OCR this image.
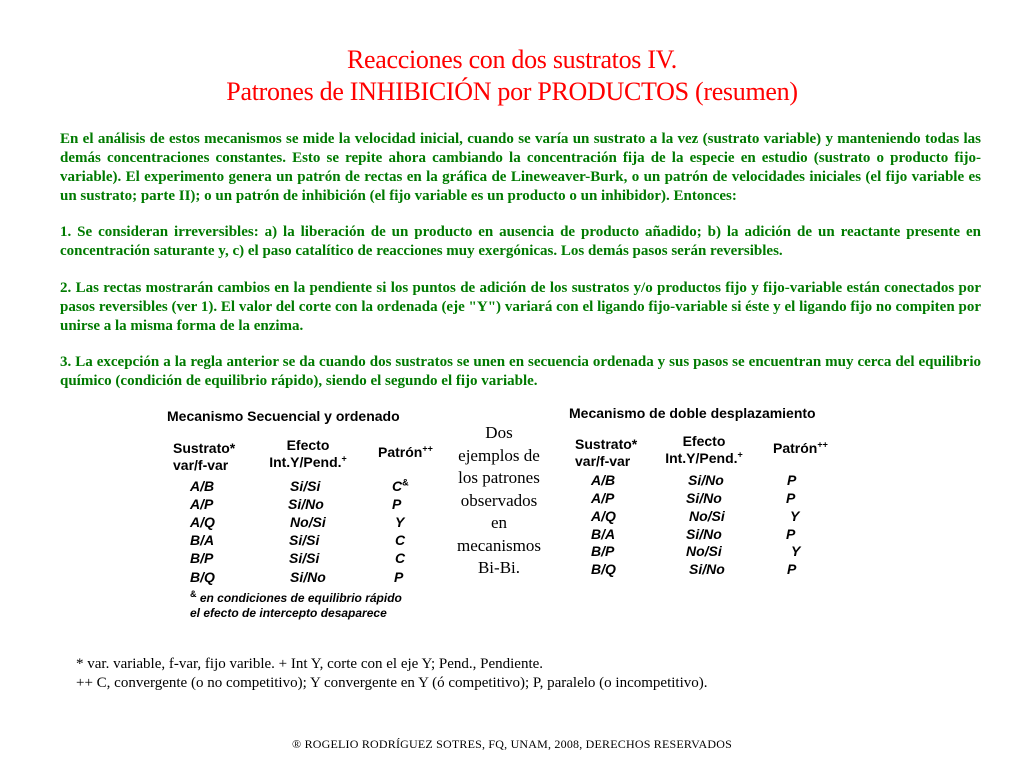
Reacciones con dos sustratos IV.
Patrones de INHIBICIÓN por PRODUCTOS (resumen)
En el análisis de estos mecanismos se mide la velocidad inicial, cuando se varía un sustrato a la vez (sustrato variable) y manteniendo todas las demás concentraciones constantes. Esto se repite ahora cambiando la concentración fija de la especie en estudio (sustrato o producto fijo-variable). El experimento genera un patrón de rectas en la gráfica de Lineweaver-Burk, o un patrón de velocidades iniciales (el fijo variable es un sustrato; parte II); o un patrón de inhibición (el fijo variable es un producto o un inhibidor). Entonces:
1. Se consideran irreversibles: a) la liberación de un producto en ausencia de producto añadido; b) la adición de un reactante presente en concentración saturante y, c) el paso catalítico de reacciones muy exergónicas. Los demás pasos serán reversibles.
2. Las rectas mostrarán cambios en la pendiente si los puntos de adición de los sustratos y/o productos fijo y fijo-variable están conectados por pasos reversibles (ver 1). El valor del corte con la ordenada (eje "Y") variará con el ligando fijo-variable si éste y el ligando fijo no compiten por unirse a la misma forma de la enzima.
3. La excepción a la regla anterior se da cuando dos sustratos se unen en secuencia ordenada y sus pasos se encuentran muy cerca del equilibrio químico (condición de equilibrio rápido), siendo el segundo el fijo variable.
Mecanismo Secuencial y ordenado
Sustrato*
var/f-var
Efecto
Int.Y/Pend.+	Patrón++
A/B	Si/Si	C&
A/P	Si/No	P
A/Q	No/Si	Y
B/A	Si/Si	C
B/P	Si/Si	C
B/Q	Si/No	P
& en condiciones de equilibrio rápido
el efecto de intercepto desaparece
Dos
ejemplos de
los patrones
observados
en
mecanismos
Bi-Bi.
Mecanismo de doble desplazamiento
Sustrato*
var/f-var
Efecto
Int.Y/Pend.+	Patrón++
A/B	Si/No	P
A/P	Si/No	P
A/Q	No/Si	Y
B/A	Si/No	P
B/P	No/Si	Y
B/Q	Si/No	P
* var. variable, f-var, fijo varible. + Int Y, corte con el eje Y; Pend., Pendiente.
++ C, convergente (o no competitivo); Y convergente en Y (ó competitivo); P, paralelo (o incompetitivo).
® ROGELIO RODRÍGUEZ SOTRES, FQ, UNAM, 2008, DERECHOS RESERVADOS
